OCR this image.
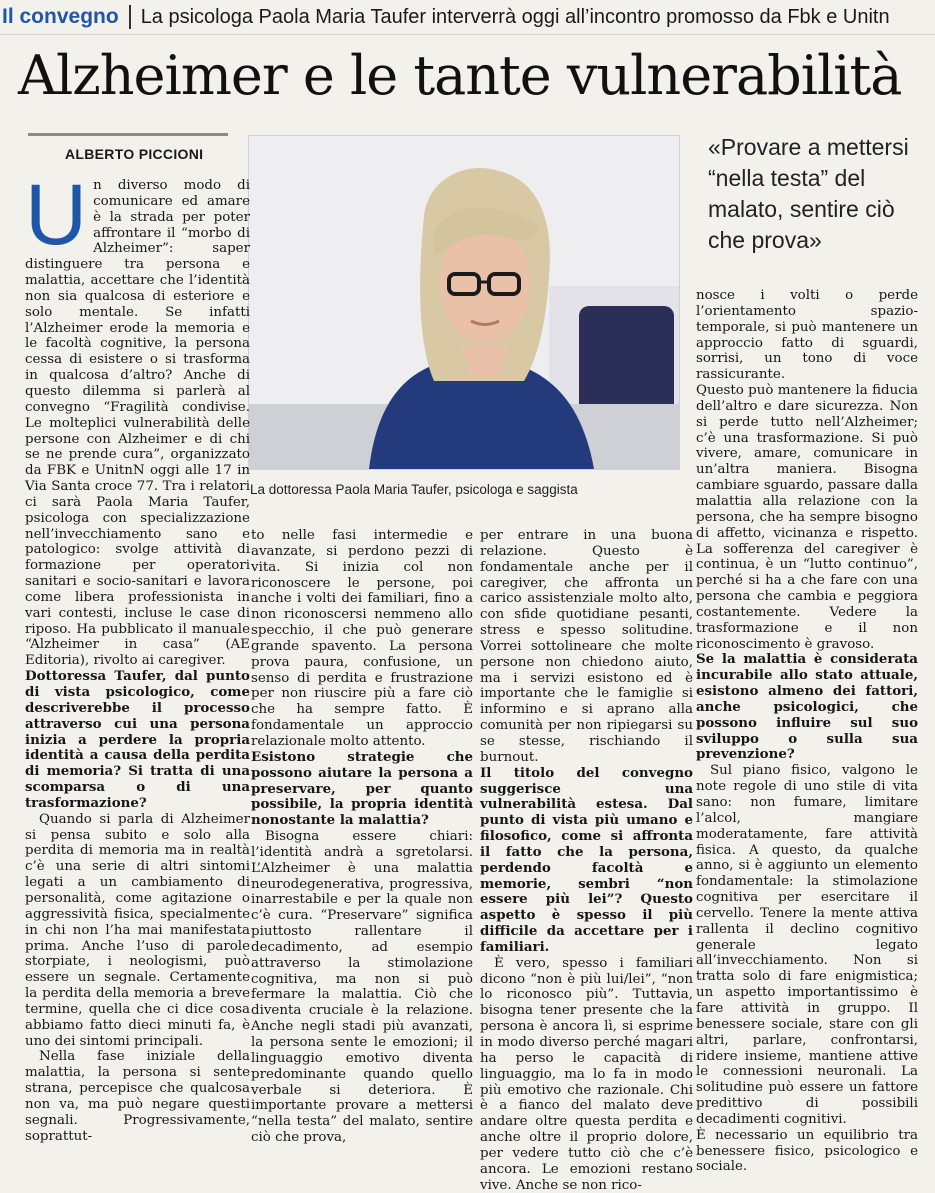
Il convegno La psicologa Paola Maria Taufer interverrà oggi all’incontro promosso da Fbk e Unitn
Alzheimer e le tante vulnerabilità
ALBERTO PICCIONI
La dottoressa Paola Maria Taufer, psicologa e saggista
«Provare a mettersi “nella testa” del malato, sentire ciò che prova»

Un diverso modo di comunicare ed amare è la strada per poter affrontare il “morbo di Alzheimer”: saper distinguere tra persona e malattia, accettare che l’identità non sia qualcosa di esteriore e solo mentale. Se infatti l’Alzheimer erode la memoria e le facoltà cognitive, la persona cessa di esistere o si trasforma in qualcosa d’altro? Anche di questo dilemma si parlerà al convegno “Fragilità condivise. Le molteplici vulnerabilità delle persone con Alzheimer e di chi se ne prende cura”, organizzato da FBK e UnitnN oggi alle 17 in Via Santa croce 77. Tra i relatori ci sarà Paola Maria Taufer, psicologa con specializzazione nell’invecchiamento sano e patologico: svolge attività di formazione per operatori sanitari e socio-sanitari e lavora come libera professionista in vari contesti, incluse le case di riposo. Ha pubblicato il manuale “Alzheimer in casa” (AE Editoria), rivolto ai caregiver.

Dottoressa Taufer, dal punto di vista psicologico, come descriverebbe il processo attraverso cui una persona inizia a perdere la propria identità a causa della perdita di memoria? Si tratta di una scomparsa o di una trasformazione?

Quando si parla di Alzheimer si pensa subito e solo alla perdita di memoria ma in realtà c’è una serie di altri sintomi legati a un cambiamento di personalità, come agitazione o aggressività fisica, specialmente in chi non l’ha mai manifestata prima. Anche l’uso di parole storpiate, i neologismi, può essere un segnale. Certamente la perdita della memoria a breve termine, quella che ci dice cosa abbiamo fatto dieci minuti fa, è uno dei sintomi principali.

Nella fase iniziale della malattia, la persona si sente strana, percepisce che qualcosa non va, ma può negare questi segnali. Progressivamente, soprattut-

to nelle fasi intermedie e avanzate, si perdono pezzi di vita. Si inizia col non riconoscere le persone, poi anche i volti dei familiari, fino a non riconoscersi nemmeno allo specchio, il che può generare grande spavento. La persona prova paura, confusione, un senso di perdita e frustrazione per non riuscire più a fare ciò che ha sempre fatto. È fondamentale un approccio relazionale molto attento.

Esistono strategie che possono aiutare la persona a preservare, per quanto possibile, la propria identità nonostante la malattia?

Bisogna essere chiari: l’identità andrà a sgretolarsi. L’Alzheimer è una malattia neurodegenerativa, progressiva, inarrestabile e per la quale non c’è cura. “Preservare” significa piuttosto rallentare il decadimento, ad esempio attraverso la stimolazione cognitiva, ma non si può fermare la malattia. Ciò che diventa cruciale è la relazione. Anche negli stadi più avanzati, la persona sente le emozioni; il linguaggio emotivo diventa predominante quando quello verbale si deteriora. È importante provare a mettersi “nella testa” del malato, sentire ciò che prova,

per entrare in una buona relazione. Questo è fondamentale anche per il caregiver, che affronta un carico assistenziale molto alto, con sfide quotidiane pesanti, stress e spesso solitudine. Vorrei sottolineare che molte persone non chiedono aiuto, ma i servizi esistono ed è importante che le famiglie si informino e si aprano alla comunità per non ripiegarsi su se stesse, rischiando il burnout.

Il titolo del convegno suggerisce una vulnerabilità estesa. Dal punto di vista più umano e filosofico, come si affronta il fatto che la persona, perdendo facoltà e memorie, sembri “non essere più lei”? Questo aspetto è spesso il più difficile da accettare per i familiari.

È vero, spesso i familiari dicono “non è più lui/lei”, “non lo riconosco più”. Tuttavia, bisogna tener presente che la persona è ancora lì, si esprime in modo diverso perché magari ha perso le capacità di linguaggio, ma lo fa in modo più emotivo che razionale. Chi è a fianco del malato deve andare oltre questa perdita e anche oltre il proprio dolore, per vedere tutto ciò che c’è ancora. Le emozioni restano vive. Anche se non rico-

nosce i volti o perde l’orientamento spazio-temporale, si può mantenere un approccio fatto di sguardi, sorrisi, un tono di voce rassicurante.

Questo può mantenere la fiducia dell’altro e dare sicurezza. Non si perde tutto nell’Alzheimer; c’è una trasformazione. Si può vivere, amare, comunicare in un’altra maniera. Bisogna cambiare sguardo, passare dalla malattia alla relazione con la persona, che ha sempre bisogno di affetto, vicinanza e rispetto. La sofferenza del caregiver è continua, è un “lutto continuo”, perché si ha a che fare con una persona che cambia e peggiora costantemente. Vedere la trasformazione e il non riconoscimento è gravoso.

Se la malattia è considerata incurabile allo stato attuale, esistono almeno dei fattori, anche psicologici, che possono influire sul suo sviluppo o sulla sua prevenzione?

Sul piano fisico, valgono le note regole di uno stile di vita sano: non fumare, limitare l’alcol, mangiare moderatamente, fare attività fisica. A questo, da qualche anno, si è aggiunto un elemento fondamentale: la stimolazione cognitiva per esercitare il cervello. Tenere la mente attiva rallenta il declino cognitivo generale legato all’invecchiamento. Non si tratta solo di fare enigmistica; un aspetto importantissimo è fare attività in gruppo. Il benessere sociale, stare con gli altri, parlare, confrontarsi, ridere insieme, mantiene attive le connessioni neuronali. La solitudine può essere un fattore predittivo di possibili decadimenti cognitivi.

È necessario un equilibrio tra benessere fisico, psicologico e sociale.
